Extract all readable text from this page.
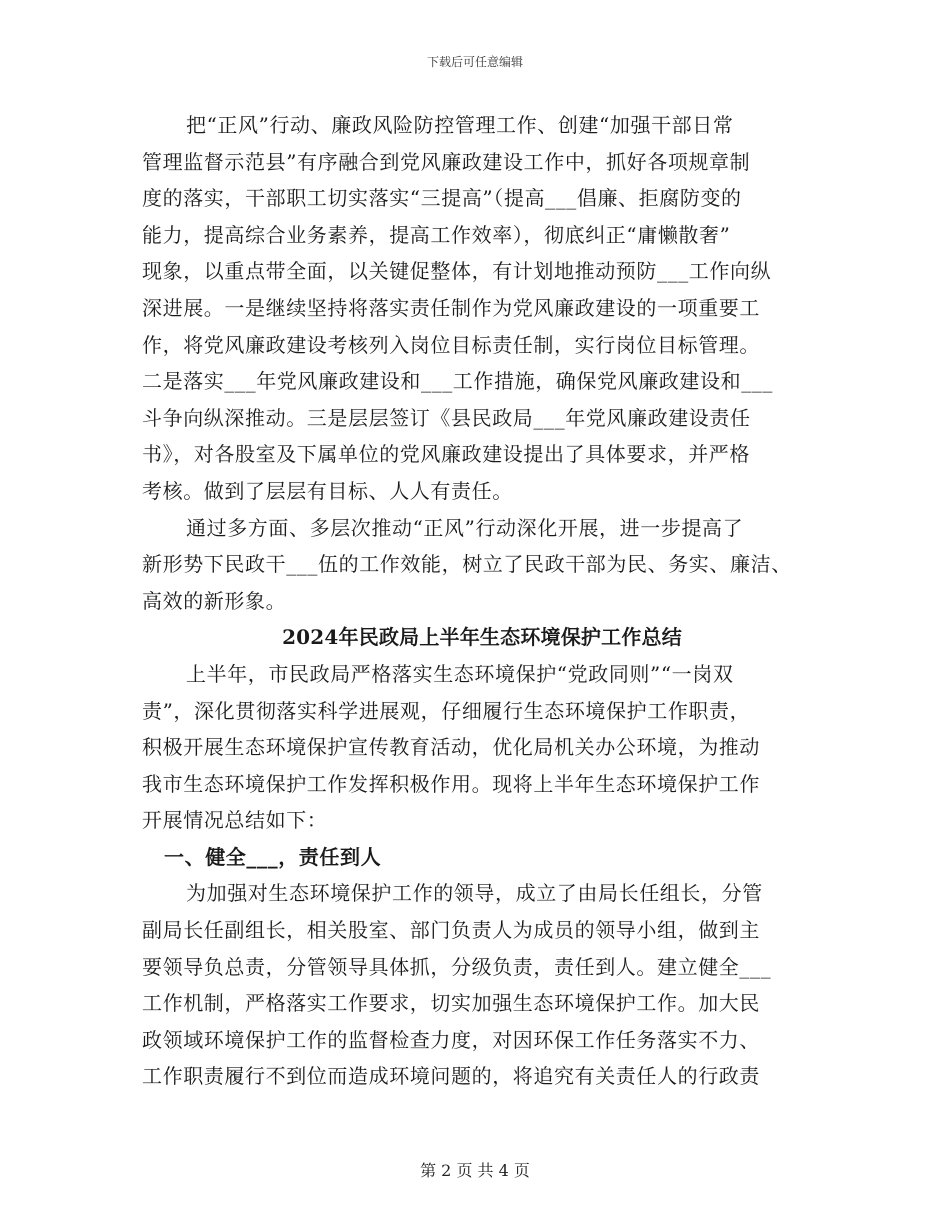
下载后可任意编辑
把“正风”行动、廉政风险防控管理工作、创建“加强干部日常
管理监督示范县”有序融合到党风廉政建设工作中，抓好各项规章制
度的落实，干部职工切实落实“三提高”（提高___倡廉、拒腐防变的
能力，提高综合业务素养，提高工作效率），彻底纠正“庸懒散奢”
现象，以重点带全面，以关键促整体，有计划地推动预防___工作向纵
深进展。一是继续坚持将落实责任制作为党风廉政建设的一项重要工
作，将党风廉政建设考核列入岗位目标责任制，实行岗位目标管理。
二是落实___年党风廉政建设和___工作措施，确保党风廉政建设和___
斗争向纵深推动。三是层层签订《县民政局___年党风廉政建设责任
书》，对各股室及下属单位的党风廉政建设提出了具体要求，并严格
考核。做到了层层有目标、人人有责任。
通过多方面、多层次推动“正风”行动深化开展，进一步提高了
新形势下民政干___伍的工作效能，树立了民政干部为民、务实、廉洁、
高效的新形象。
2024年民政局上半年生态环境保护工作总结
上半年，市民政局严格落实生态环境保护“党政同则”“一岗双
责”，深化贯彻落实科学进展观，仔细履行生态环境保护工作职责，
积极开展生态环境保护宣传教育活动，优化局机关办公环境，为推动
我市生态环境保护工作发挥积极作用。现将上半年生态环境保护工作
开展情况总结如下：
一、健全___，责任到人
为加强对生态环境保护工作的领导，成立了由局长任组长，分管
副局长任副组长，相关股室、部门负责人为成员的领导小组，做到主
要领导负总责，分管领导具体抓，分级负责，责任到人。建立健全___
工作机制，严格落实工作要求，切实加强生态环境保护工作。加大民
政领域环境保护工作的监督检查力度，对因环保工作任务落实不力、
工作职责履行不到位而造成环境问题的，将追究有关责任人的行政责
第 2 页 共 4 页
